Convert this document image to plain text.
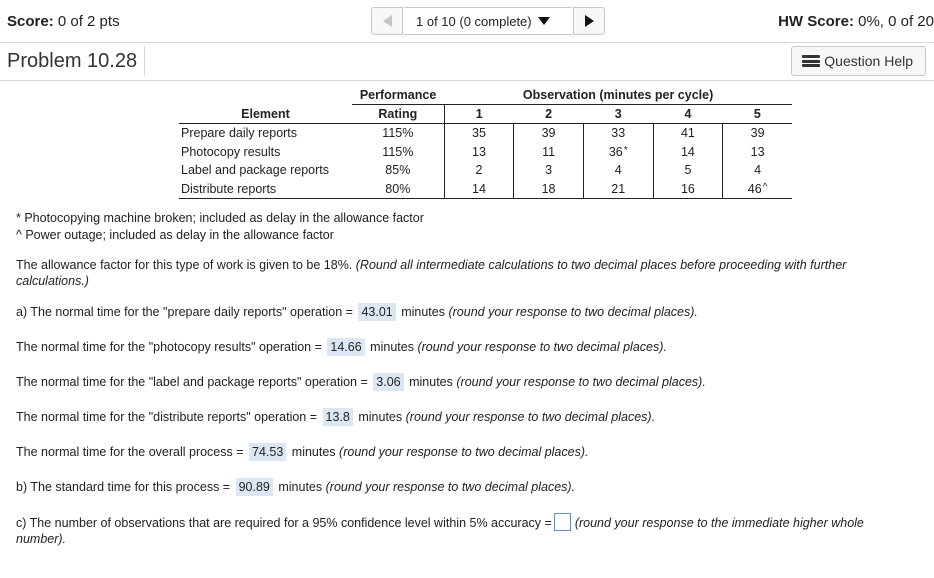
Score: 0 of 2 pts	1 of 10 (0 complete)	HW Score: 0%, 0 of 20
Problem 10.28	Question Help
	Performance	Observation (minutes per cycle)				
Element	Rating	1	2	3	4	5
Prepare daily reports	115%	35	39	33	41	39
Photocopy results	115%	13	11	36*	14	13
Label and package reports	85%	2	3	4	5	4
Distribute reports	80%	14	18	21	16	46^
* Photocopying machine broken; included as delay in the allowance factor
^ Power outage; included as delay in the allowance factor
The allowance factor for this type of work is given to be 18%. (Round all intermediate calculations to two decimal places before proceeding with further calculations.)
a) The normal time for the "prepare daily reports" operation = 43.01 minutes (round your response to two decimal places).
The normal time for the "photocopy results" operation = 14.66 minutes (round your response to two decimal places).
The normal time for the "label and package reports" operation = 3.06 minutes (round your response to two decimal places).
The normal time for the "distribute reports" operation = 13.8 minutes (round your response to two decimal places).
The normal time for the overall process = 74.53 minutes (round your response to two decimal places).
b) The standard time for this process = 90.89 minutes (round your response to two decimal places).
c) The number of observations that are required for a 95% confidence level within 5% accuracy = (round your response to the immediate higher whole number).
